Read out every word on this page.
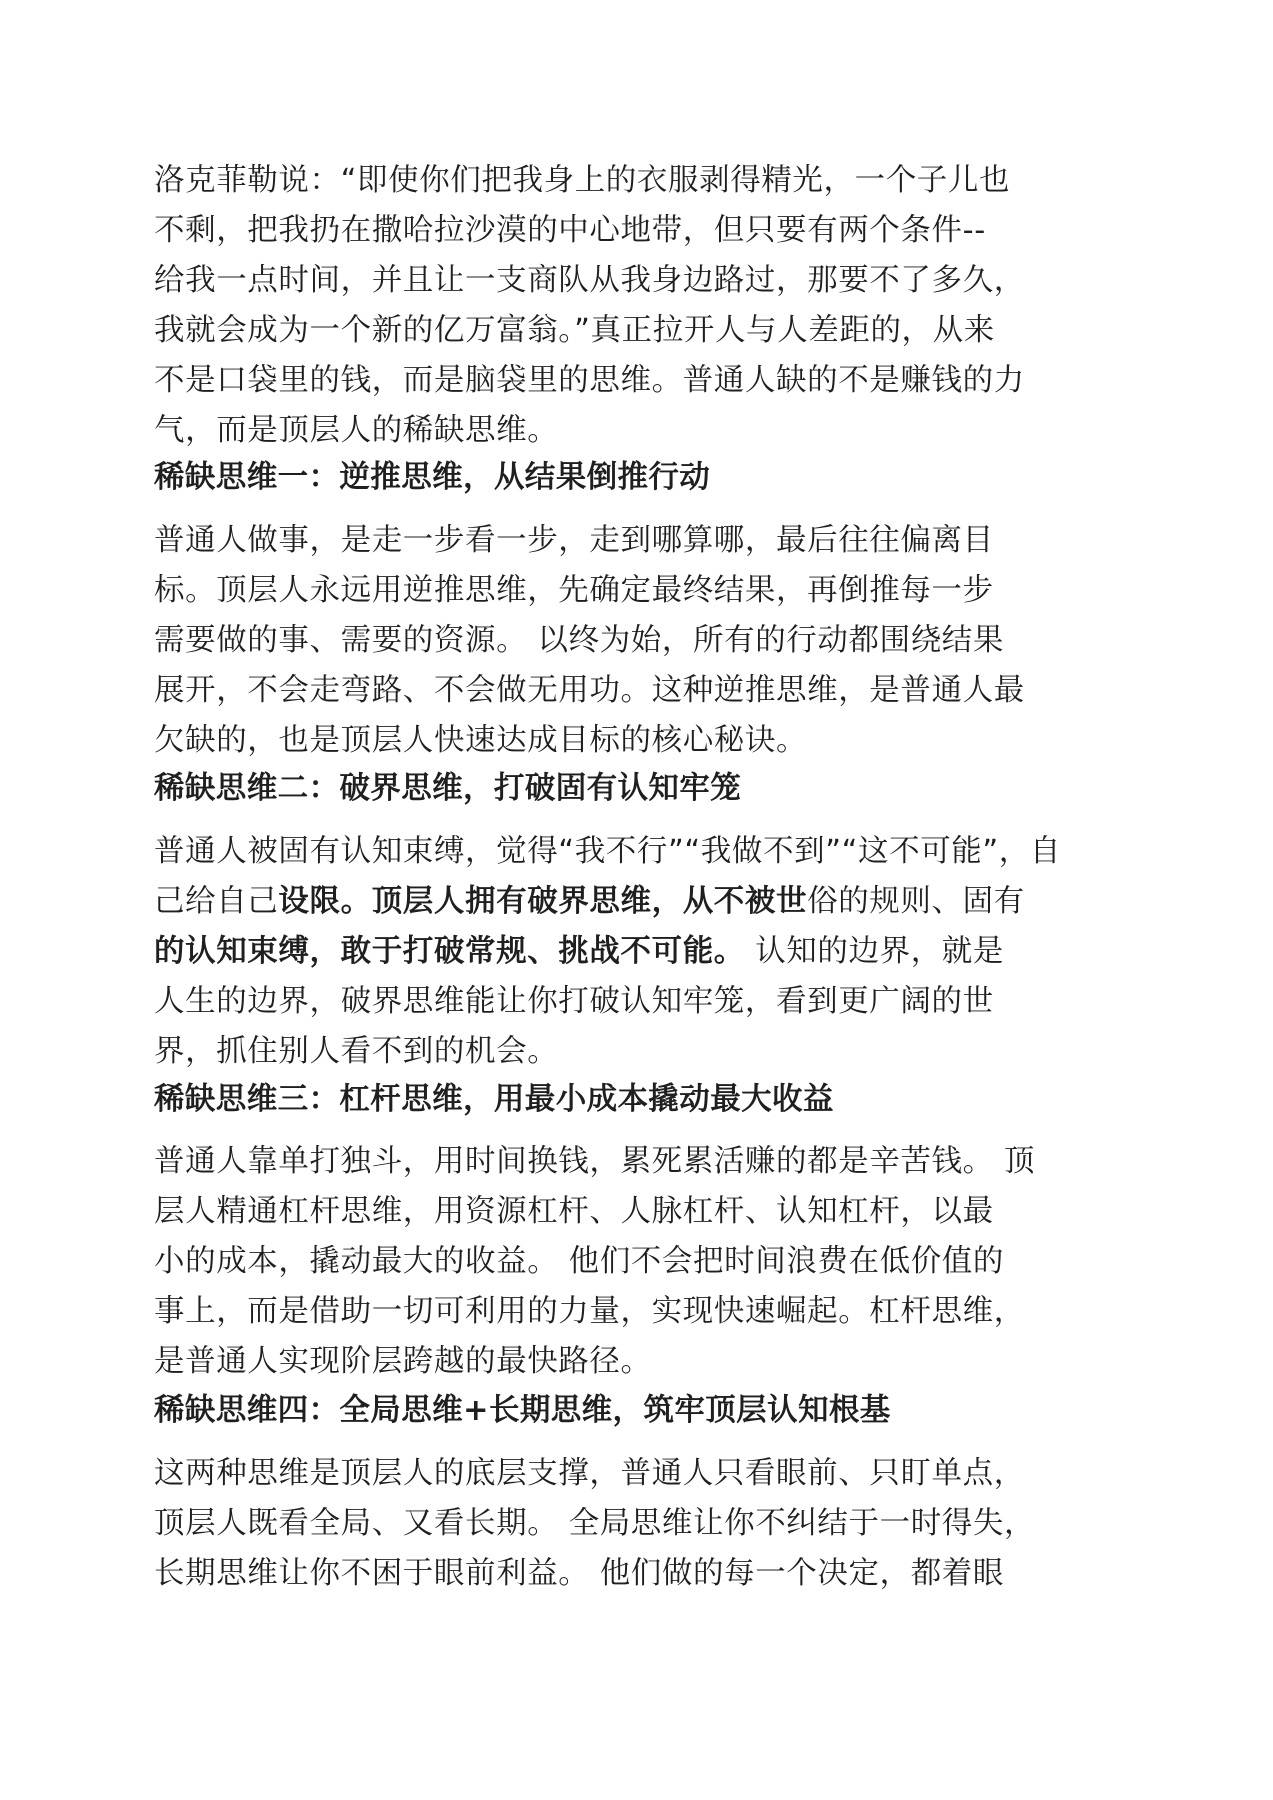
洛克菲勒说：“即使你们把我身上的衣服剥得精光，一个子儿也
不剩，把我扔在撒哈拉沙漠的中心地带，但只要有两个条件--
给我一点时间，并且让一支商队从我身边路过，那要不了多久，
我就会成为一个新的亿万富翁。”真正拉开人与人差距的，从来
不是口袋里的钱，而是脑袋里的思维。普通人缺的不是赚钱的力
气，而是顶层人的稀缺思维。
稀缺思维一：逆推思维，从结果倒推行动
普通人做事，是走一步看一步，走到哪算哪，最后往往偏离目
标。顶层人永远用逆推思维，先确定最终结果，再倒推每一步
需要做的事、需要的资源。 以终为始，所有的行动都围绕结果
展开，不会走弯路、不会做无用功。这种逆推思维，是普通人最
欠缺的，也是顶层人快速达成目标的核心秘诀。
稀缺思维二：破界思维，打破固有认知牢笼
普通人被固有认知束缚，觉得“我不行”“我做不到”“这不可能”，自
己给自己设限。顶层人拥有破界思维，从不被世俗的规则、固有
的认知束缚，敢于打破常规、挑战不可能。 认知的边界，就是
人生的边界，破界思维能让你打破认知牢笼，看到更广阔的世
界，抓住别人看不到的机会。
稀缺思维三：杠杆思维，用最小成本撬动最大收益
普通人靠单打独斗，用时间换钱，累死累活赚的都是辛苦钱。 顶
层人精通杠杆思维，用资源杠杆、人脉杠杆、认知杠杆，以最
小的成本，撬动最大的收益。 他们不会把时间浪费在低价值的
事上，而是借助一切可利用的力量，实现快速崛起。杠杆思维，
是普通人实现阶层跨越的最快路径。
稀缺思维四：全局思维+长期思维，筑牢顶层认知根基
这两种思维是顶层人的底层支撑，普通人只看眼前、只盯单点，
顶层人既看全局、又看长期。 全局思维让你不纠结于一时得失，
长期思维让你不困于眼前利益。 他们做的每一个决定，都着眼
